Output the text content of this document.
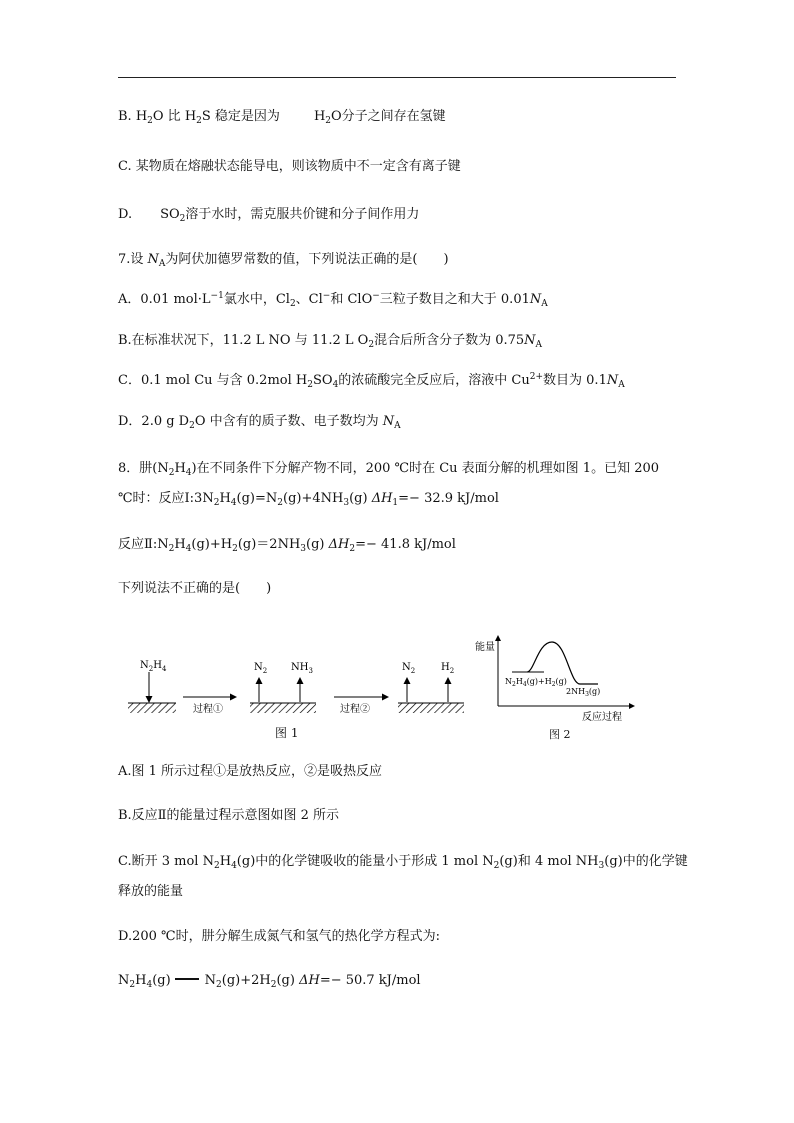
B. $H_2O$ 比 $H_2S$ 稳定是因为	$H_2O$分子之间存在氢键
C. 某物质在熔融状态能导电，则该物质中不一定含有离子键
D. $SO_2$溶于水时，需克服共价键和分子间作用力
7.设 $N_A$为阿伏加德罗常数的值，下列说法正确的是(　　)
A．0.01 $mol\cdot L^{-1}$氯水中，$Cl_2$、Cl−和 ClO−三粒子数目之和大于 $0.01N_A$
B.在标准状况下，11.2 L NO 与 11.2 L $O_2$混合后所含分子数为 $0.75N_A$
C．0.1 mol Cu 与含 0.2mol $H_2SO_4$的浓硫酸完全反应后，溶液中 $Cu^{2+}$数目为 $0.1N_A$
D．2.0 g $D_2O$ 中含有的质子数、电子数均为 $N_A$
8．肼$(N_2H_4)$在不同条件下分解产物不同，200 ℃时在 Cu 表面分解的机理如图 1。已知 200
℃时：反应$Ⅰ:3N_2H_4(g)=N_2(g)+4NH_3(g)$ $\Delta H_1=- 32.9$ kJ/mol
反应$Ⅱ:N_2H_4(g)+H_2(g)=2NH_3(g)$ $\Delta H_2=- 41.8$ kJ/mol
下列说法不正确的是(　　)
$N_2H_4$
过程①
$N_2$ $NH_3$
过程②
$N_2$	$H_2$
图 1
能量
$N_2H_4(g)+H_2(g)$
$2NH_3(g)$
反应过程
图 2
A.图 1 所示过程①是放热反应，②是吸热反应
B.反应Ⅱ的能量过程示意图如图 2 所示
C.断开 3 mol $N_2H_4(g)$中的化学键吸收的能量小于形成 1 mol $N_2(g)$和 4 mol $NH_3(g)$中的化学键
释放的能量
D.200 ℃时，肼分解生成氮气和氢气的热化学方程式为:
$N_2H_4(g)$	$N_2(g)+2H_2(g)$ ΔH=− 50.7 kJ/mol
